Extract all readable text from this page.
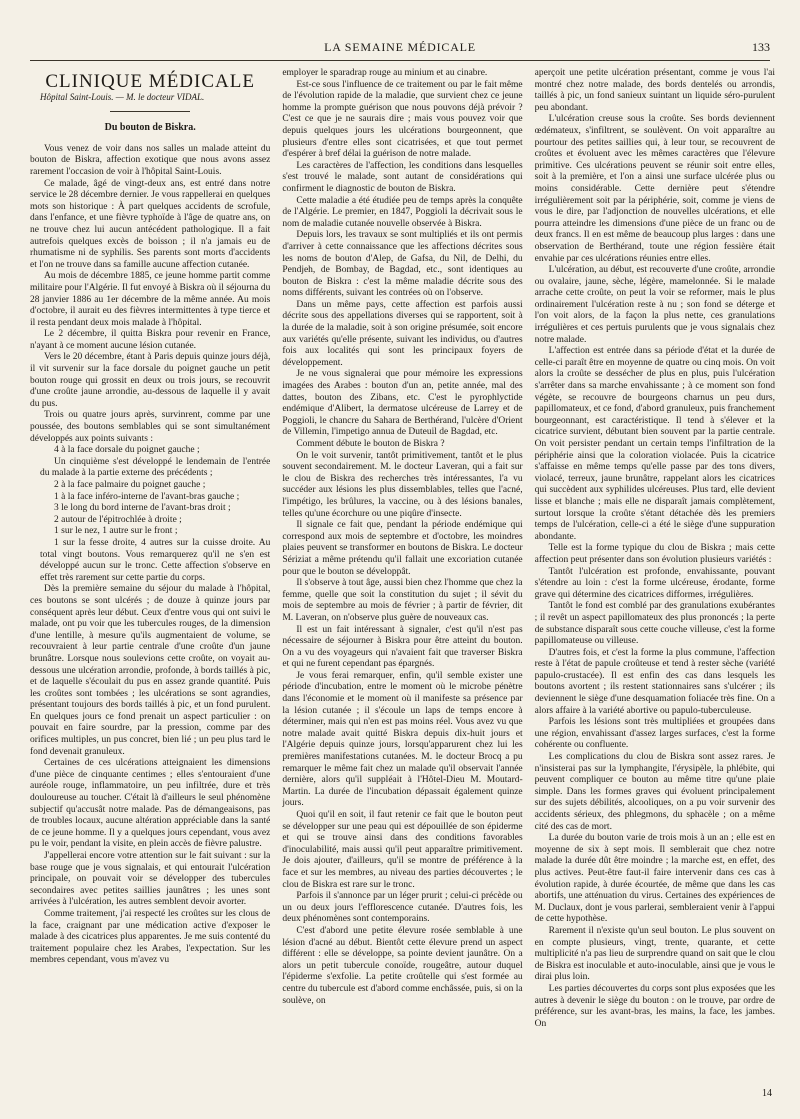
LA SEMAINE MÉDICALE	133
CLINIQUE MÉDICALE
Hôpital Saint-Louis. — M. le docteur VIDAL.
Du bouton de Biskra.

Vous venez de voir dans nos salles un malade atteint du bouton de Biskra, affection exotique que nous avons assez rarement l'occasion de voir à l'hôpital Saint-Louis.

Ce malade, âgé de vingt-deux ans, est entré dans notre service le 28 décembre dernier. Je vous rappellerai en quelques mots son historique : À part quelques accidents de scrofule, dans l'enfance, et une fièvre typhoïde à l'âge de quatre ans, on ne trouve chez lui aucun antécédent pathologique. Il a fait autrefois quelques excès de boisson ; il n'a jamais eu de rhumatisme ni de syphilis. Ses parents sont morts d'accidents et l'on ne trouve dans sa famille aucune affection cutanée.

Au mois de décembre 1885, ce jeune homme partit comme militaire pour l'Algérie. Il fut envoyé à Biskra où il séjourna du 28 janvier 1886 au 1er décembre de la même année. Au mois d'octobre, il aurait eu des fièvres intermittentes à type tierce et il resta pendant deux mois malade à l'hôpital.

Le 2 décembre, il quitta Biskra pour revenir en France, n'ayant à ce moment aucune lésion cutanée.

Vers le 20 décembre, étant à Paris depuis quinze jours déjà, il vit survenir sur la face dorsale du poignet gauche un petit bouton rouge qui grossit en deux ou trois jours, se recouvrit d'une croûte jaune arrondie, au-dessous de laquelle il y avait du pus.

Trois ou quatre jours après, survinrent, comme par une poussée, des boutons semblables qui se sont simultanément développés aux points suivants :

4 à la face dorsale du poignet gauche ;

Un cinquième s'est développé le lendemain de l'entrée du malade à la partie externe des précédents ;

2 à la face palmaire du poignet gauche ;

1 à la face inféro-interne de l'avant-bras gauche ;

3 le long du bord interne de l'avant-bras droit ;

2 autour de l'épitrochlée à droite ;

1 sur le nez, 1 autre sur le front ;

1 sur la fesse droite, 4 autres sur la cuisse droite. Au total vingt boutons. Vous remarquerez qu'il ne s'en est développé aucun sur le tronc. Cette affection s'observe en effet très rarement sur cette partie du corps.

Dès la première semaine du séjour du malade à l'hôpital, ces boutons se sont ulcérés ; de douze à quinze jours par conséquent après leur début. Ceux d'entre vous qui ont suivi le malade, ont pu voir que les tubercules rouges, de la dimension d'une lentille, à mesure qu'ils augmentaient de volume, se recouvraient à leur partie centrale d'une croûte d'un jaune brunâtre. Lorsque nous soulevions cette croûte, on voyait au-dessous une ulcération arrondie, profonde, à bords taillés à pic, et de laquelle s'écoulait du pus en assez grande quantité. Puis les croûtes sont tombées ; les ulcérations se sont agrandies, présentant toujours des bords taillés à pic, et un fond purulent. En quelques jours ce fond prenait un aspect particulier : on pouvait en faire sourdre, par la pression, comme par des orifices multiples, un pus concret, bien lié ; un peu plus tard le fond devenait granuleux.

Certaines de ces ulcérations atteignaient les dimensions d'une pièce de cinquante centimes ; elles s'entouraient d'une auréole rouge, inflammatoire, un peu infiltrée, dure et très douloureuse au toucher. C'était là d'ailleurs le seul phénomène subjectif qu'accusât notre malade. Pas de démangeaisons, pas de troubles locaux, aucune altération appréciable dans la santé de ce jeune homme. Il y a quelques jours cependant, vous avez pu le voir, pendant la visite, en plein accès de fièvre palustre.

J'appellerai encore votre attention sur le fait suivant : sur la base rouge que je vous signalais, et qui entourait l'ulcération principale, on pouvait voir se développer des tubercules secondaires avec petites saillies jaunâtres ; les unes sont arrivées à l'ulcération, les autres semblent devoir avorter.

Comme traitement, j'ai respecté les croûtes sur les clous de la face, craignant par une médication active d'exposer le malade à des cicatrices plus apparentes. Je me suis contenté du traitement populaire chez les Arabes, l'expectation. Sur les membres cependant, vous m'avez vu

employer le sparadrap rouge au minium et au cinabre.

Est-ce sous l'influence de ce traitement ou par le fait même de l'évolution rapide de la maladie, que survient chez ce jeune homme la prompte guérison que nous pouvons déjà prévoir ? C'est ce que je ne saurais dire ; mais vous pouvez voir que depuis quelques jours les ulcérations bourgeonnent, que plusieurs d'entre elles sont cicatrisées, et que tout permet d'espérer à bref délai la guérison de notre malade.

Les caractères de l'affection, les conditions dans lesquelles s'est trouvé le malade, sont autant de considérations qui confirment le diagnostic de bouton de Biskra.

Cette maladie a été étudiée peu de temps après la conquête de l'Algérie. Le premier, en 1847, Poggioli la décrivait sous le nom de maladie cutanée nouvelle observée à Biskra.

Depuis lors, les travaux se sont multipliés et ils ont permis d'arriver à cette connaissance que les affections décrites sous les noms de bouton d'Alep, de Gafsa, du Nil, de Delhi, du Pendjeh, de Bombay, de Bagdad, etc., sont identiques au bouton de Biskra : c'est la même maladie décrite sous des noms différents, suivant les contrées où on l'observe.

Dans un même pays, cette affection est parfois aussi décrite sous des appellations diverses qui se rapportent, soit à la durée de la maladie, soit à son origine présumée, soit encore aux variétés qu'elle présente, suivant les individus, ou d'autres fois aux localités qui sont les principaux foyers de développement.

Je ne vous signalerai que pour mémoire les expressions imagées des Arabes : bouton d'un an, petite année, mal des dattes, bouton des Zibans, etc. C'est le pyrophlyctide endémique d'Alibert, la dermatose ulcéreuse de Larrey et de Poggioli, le chancre du Sahara de Berthérand, l'ulcère d'Orient de Villemin, l'impetigo annua de Duteuil de Bagdad, etc.

Comment débute le bouton de Biskra ?

On le voit survenir, tantôt primitivement, tantôt et le plus souvent secondairement. M. le docteur Laveran, qui a fait sur le clou de Biskra des recherches très intéressantes, l'a vu succéder aux lésions les plus dissemblables, telles que l'acné, l'impétigo, les brûlures, la vaccine, ou à des lésions banales, telles qu'une écorchure ou une piqûre d'insecte.

Il signale ce fait que, pendant la période endémique qui correspond aux mois de septembre et d'octobre, les moindres plaies peuvent se transformer en boutons de Biskra. Le docteur Sériziat a même prétendu qu'il fallait une excoriation cutanée pour que le bouton se développât.

Il s'observe à tout âge, aussi bien chez l'homme que chez la femme, quelle que soit la constitution du sujet ; il sévit du mois de septembre au mois de février ; à partir de février, dit M. Laveran, on n'observe plus guère de nouveaux cas.

Il est un fait intéressant à signaler, c'est qu'il n'est pas nécessaire de séjourner à Biskra pour être atteint du bouton. On a vu des voyageurs qui n'avaient fait que traverser Biskra et qui ne furent cependant pas épargnés.

Je vous ferai remarquer, enfin, qu'il semble exister une période d'incubation, entre le moment où le microbe pénètre dans l'économie et le moment où il manifeste sa présence par la lésion cutanée ; il s'écoule un laps de temps encore à déterminer, mais qui n'en est pas moins réel. Vous avez vu que notre malade avait quitté Biskra depuis dix-huit jours et l'Algérie depuis quinze jours, lorsqu'apparurent chez lui les premières manifestations cutanées. M. le docteur Brocq a pu remarquer le même fait chez un malade qu'il observait l'année dernière, alors qu'il suppléait à l'Hôtel-Dieu M. Moutard-Martin. La durée de l'incubation dépassait également quinze jours.

Quoi qu'il en soit, il faut retenir ce fait que le bouton peut se développer sur une peau qui est dépouillée de son épiderme et qui se trouve ainsi dans des conditions favorables d'inoculabilité, mais aussi qu'il peut apparaître primitivement. Je dois ajouter, d'ailleurs, qu'il se montre de préférence à la face et sur les membres, au niveau des parties découvertes ; le clou de Biskra est rare sur le tronc.

Parfois il s'annonce par un léger prurit ; celui-ci précède ou un ou deux jours l'efflorescence cutanée. D'autres fois, les deux phénomènes sont contemporains.

C'est d'abord une petite élevure rosée semblable à une lésion d'acné au début. Bientôt cette élevure prend un aspect différent : elle se développe, sa pointe devient jaunâtre. On a alors un petit tubercule conoïde, rougeâtre, autour duquel l'épiderme s'exfolie. La petite croûtelle qui s'est formée au centre du tubercule est d'abord comme enchâssée, puis, si on la soulève, on

aperçoit une petite ulcération présentant, comme je vous l'ai montré chez notre malade, des bords dentelés ou arrondis, taillés à pic, un fond sanieux suintant un liquide séro-purulent peu abondant.

L'ulcération creuse sous la croûte. Ses bords deviennent œdémateux, s'infiltrent, se soulèvent. On voit apparaître au pourtour des petites saillies qui, à leur tour, se recouvrent de croûtes et évoluent avec les mêmes caractères que l'élevure primitive. Ces ulcérations peuvent se réunir soit entre elles, soit à la première, et l'on a ainsi une surface ulcérée plus ou moins considérable. Cette dernière peut s'étendre irrégulièrement soit par la périphérie, soit, comme je viens de vous le dire, par l'adjonction de nouvelles ulcérations, et elle pourra atteindre les dimensions d'une pièce de un franc ou de deux francs. Il en est même de beaucoup plus larges : dans une observation de Berthérand, toute une région fessière était envahie par ces ulcérations réunies entre elles.

L'ulcération, au début, est recouverte d'une croûte, arrondie ou ovalaire, jaune, sèche, légère, mamelonnée. Si le malade arrache cette croûte, on peut la voir se reformer, mais le plus ordinairement l'ulcération reste à nu ; son fond se déterge et l'on voit alors, de la façon la plus nette, ces granulations irrégulières et ces pertuis purulents que je vous signalais chez notre malade.

L'affection est entrée dans sa période d'état et la durée de celle-ci paraît être en moyenne de quatre ou cinq mois. On voit alors la croûte se dessécher de plus en plus, puis l'ulcération s'arrêter dans sa marche envahissante ; à ce moment son fond végète, se recouvre de bourgeons charnus un peu durs, papillomateux, et ce fond, d'abord granuleux, puis franchement bourgeonnant, est caractéristique. Il tend à s'élever et la cicatrice survient, débutant bien souvent par la partie centrale. On voit persister pendant un certain temps l'infiltration de la périphérie ainsi que la coloration violacée. Puis la cicatrice s'affaisse en même temps qu'elle passe par des tons divers, violacé, terreux, jaune brunâtre, rappelant alors les cicatrices qui succèdent aux syphilides ulcéreuses. Plus tard, elle devient lisse et blanche ; mais elle ne disparaît jamais complètement, surtout lorsque la croûte s'étant détachée dès les premiers temps de l'ulcération, celle-ci a été le siège d'une suppuration abondante.

Telle est la forme typique du clou de Biskra ; mais cette affection peut présenter dans son évolution plusieurs variétés :

Tantôt l'ulcération est profonde, envahissante, pouvant s'étendre au loin : c'est la forme ulcéreuse, érodante, forme grave qui détermine des cicatrices difformes, irrégulières.

Tantôt le fond est comblé par des granulations exubérantes ; il revêt un aspect papillomateux des plus prononcés ; la perte de substance disparaît sous cette couche villeuse, c'est la forme papillomateuse ou villeuse.

D'autres fois, et c'est la forme la plus commune, l'affection reste à l'état de papule croûteuse et tend à rester sèche (variété papulo-crustacée). Il est enfin des cas dans lesquels les boutons avortent ; ils restent stationnaires sans s'ulcérer ; ils deviennent le siège d'une desquamation foliacée très fine. On a alors affaire à la variété abortive ou papulo-tuberculeuse.

Parfois les lésions sont très multipliées et groupées dans une région, envahissant d'assez larges surfaces, c'est la forme cohérente ou confluente.

Les complications du clou de Biskra sont assez rares. Je n'insisterai pas sur la lymphangite, l'érysipèle, la phlébite, qui peuvent compliquer ce bouton au même titre qu'une plaie simple. Dans les formes graves qui évoluent principalement sur des sujets débilités, alcooliques, on a pu voir survenir des accidents sérieux, des phlegmons, du sphacèle ; on a même cité des cas de mort.

La durée du bouton varie de trois mois à un an ; elle est en moyenne de six à sept mois. Il semblerait que chez notre malade la durée dût être moindre ; la marche est, en effet, des plus actives. Peut-être faut-il faire intervenir dans ces cas à évolution rapide, à durée écourtée, de même que dans les cas abortifs, une atténuation du virus. Certaines des expériences de M. Duclaux, dont je vous parlerai, sembleraient venir à l'appui de cette hypothèse.

Rarement il n'existe qu'un seul bouton. Le plus souvent on en compte plusieurs, vingt, trente, quarante, et cette multiplicité n'a pas lieu de surprendre quand on sait que le clou de Biskra est inoculable et auto-inoculable, ainsi que je vous le dirai plus loin.

Les parties découvertes du corps sont plus exposées que les autres à devenir le siège du bouton : on le trouve, par ordre de préférence, sur les avant-bras, les mains, la face, les jambes. On

14
